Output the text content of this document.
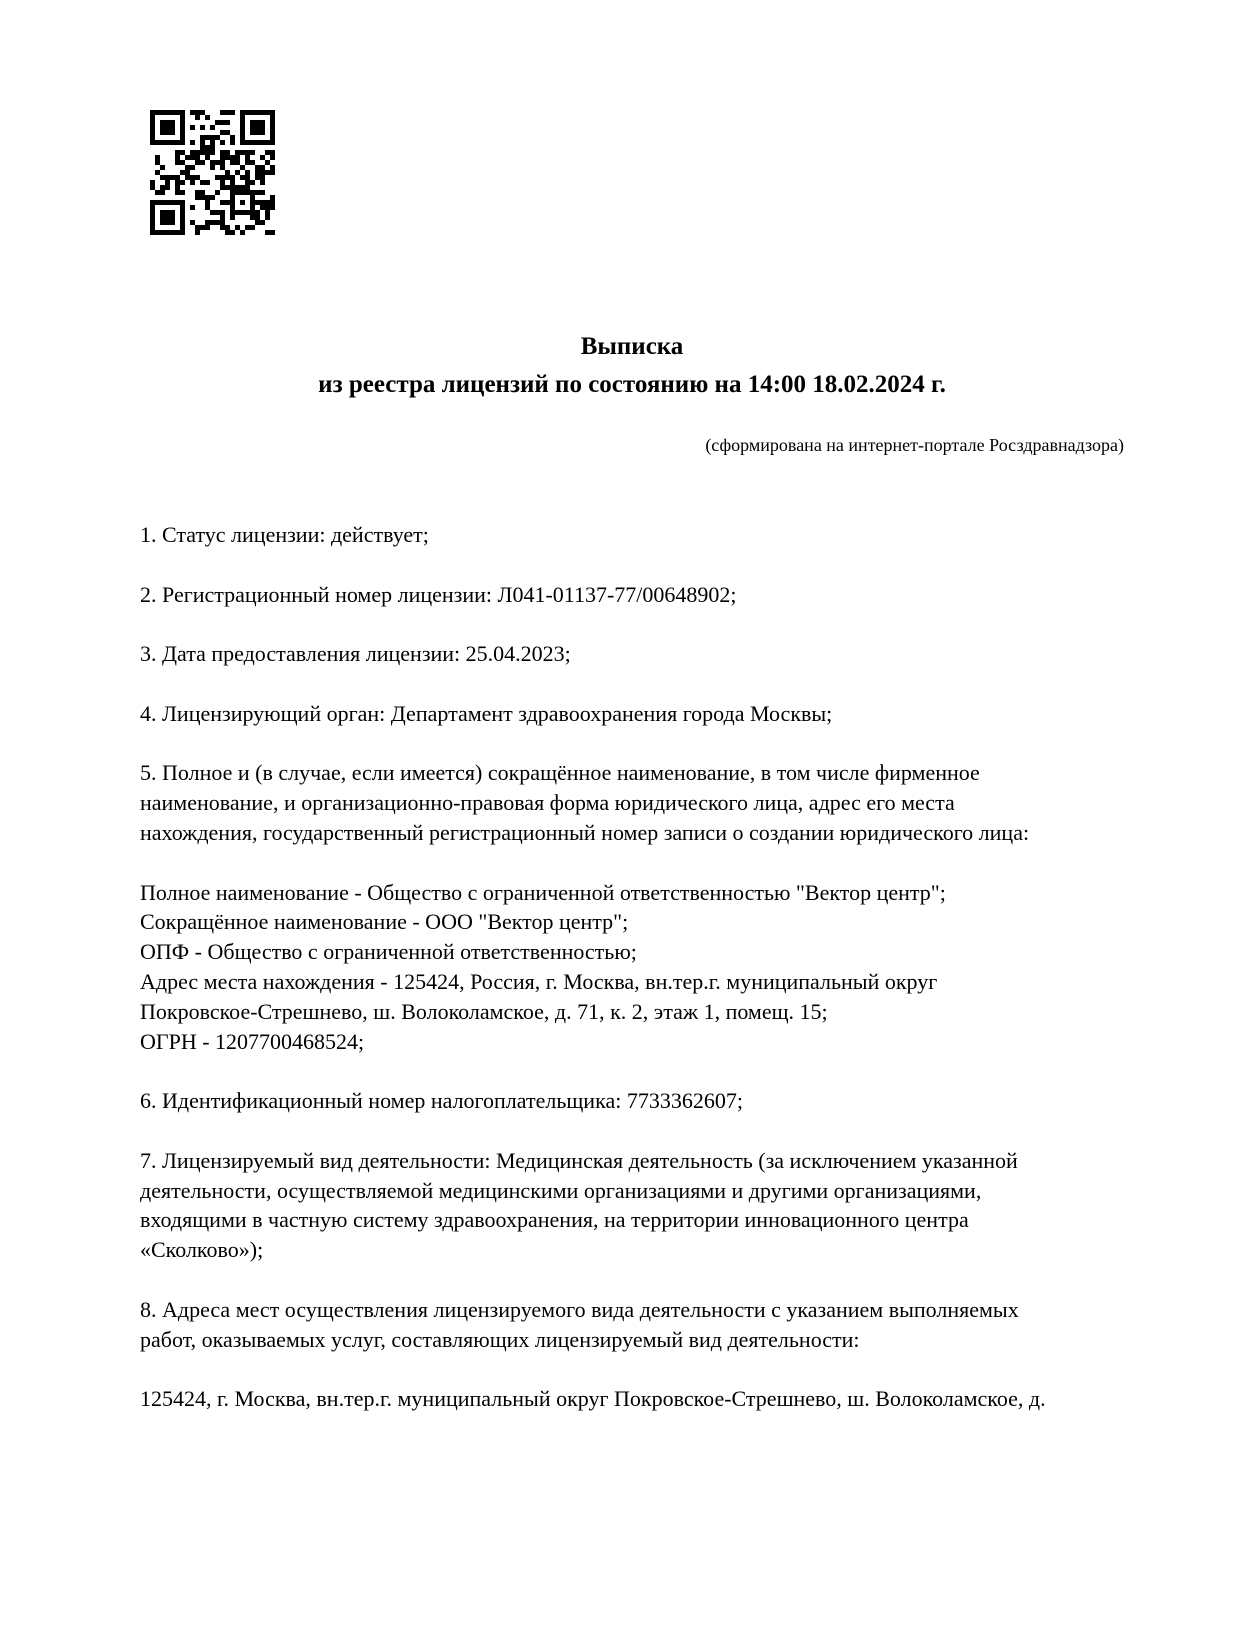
Выписка
из реестра лицензий по состоянию на 14:00 18.02.2024 г.
(сформирована на интернет-портале Росздравнадзора)

1. Статус лицензии: действует;

2. Регистрационный номер лицензии: Л041-01137-77/00648902;

3. Дата предоставления лицензии: 25.04.2023;

4. Лицензирующий орган: Департамент здравоохранения города Москвы;

5. Полное и (в случае, если имеется) сокращённое наименование, в том числе фирменное
наименование, и организационно-правовая форма юридического лица, адрес его места
нахождения, государственный регистрационный номер записи о создании юридического лица:

Полное наименование - Общество с ограниченной ответственностью "Вектор центр";
Сокращённое наименование - ООО "Вектор центр";
ОПФ - Общество с ограниченной ответственностью;
Адрес места нахождения - 125424, Россия, г. Москва, вн.тер.г. муниципальный округ
Покровское-Стрешнево, ш. Волоколамское, д. 71, к. 2, этаж 1, помещ. 15;
ОГРН - 1207700468524;

6. Идентификационный номер налогоплательщика: 7733362607;

7. Лицензируемый вид деятельности: Медицинская деятельность (за исключением указанной
деятельности, осуществляемой медицинскими организациями и другими организациями,
входящими в частную систему здравоохранения, на территории инновационного центра
«Сколково»);

8. Адреса мест осуществления лицензируемого вида деятельности с указанием выполняемых
работ, оказываемых услуг, составляющих лицензируемый вид деятельности:

125424, г. Москва, вн.тер.г. муниципальный округ Покровское-Стрешнево, ш. Волоколамское, д.
